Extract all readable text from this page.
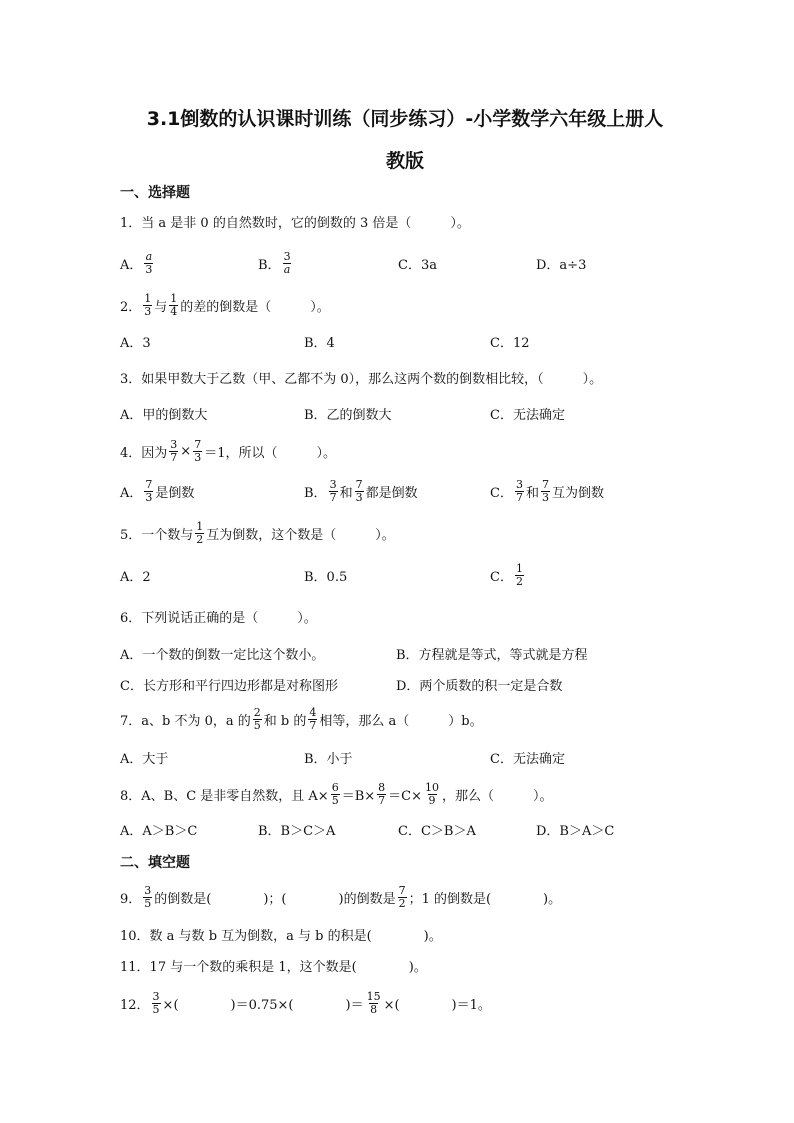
3.1倒数的认识课时训练（同步练习）-小学数学六年级上册人
教版
一、选择题
1．当 a 是非 0 的自然数时，它的倒数的 3 倍是（　　　）。
A． $\frac{a}{3}$	B． $\frac{3}{a}$	C．3a	D．a÷3
2． $\frac{1}{3}$ 与 $\frac{1}{4}$ 的差的倒数是（　　　）。
A．3	B．4	C．12
3．如果甲数大于乙数（甲、乙都不为 0），那么这两个数的倒数相比较，（　　　）。
A．甲的倒数大	B．乙的倒数大	C．无法确定
4．因为 $\frac{3}{7} \times \frac{7}{3} =1$，所以（　　　）。
A． $\frac{7}{3}$ 是倒数	B． $\frac{3}{7}$ 和 $\frac{7}{3}$ 都是倒数	C． $\frac{3}{7}$ 和 $\frac{7}{3}$ 互为倒数
5．一个数与 $\frac{1}{2}$ 互为倒数，这个数是（　　　）。
A．2	B．0.5	C． $\frac{1}{2}$
6．下列说话正确的是（　　　）。
A．一个数的倒数一定比这个数小。	B．方程就是等式，等式就是方程
C．长方形和平行四边形都是对称图形	D．两个质数的积一定是合数
7．a、b 不为 0，a 的 $\frac{2}{5}$ 和 b 的 $\frac{4}{7}$ 相等，那么 a（　　　）b。
A．大于	B．小于	C．无法确定
8．A、B、C 是非零自然数，且 $A\times \frac{6}{5} =B\times \frac{8}{7} =C\times \frac{10}{9}$ ，那么（　　　）。
A．A＞B＞C	B．B＞C＞A	C．C＞B＞A	D．B＞A＞C
二、填空题
9． $\frac{3}{5}$ 的倒数是(　　　　)；(　　　　)的倒数是 $\frac{7}{2}$ ；1 的倒数是(　　　　)。
10．数 a 与数 b 互为倒数，a 与 b 的积是(　　　　)。
11．17 与一个数的乘积是 1，这个数是(　　　　)。
12． $\frac{3}{5}$ ×(　　　　)＝0.75×(　　　　)＝ $\frac{15}{8}$ ×(　　　　)＝1。
